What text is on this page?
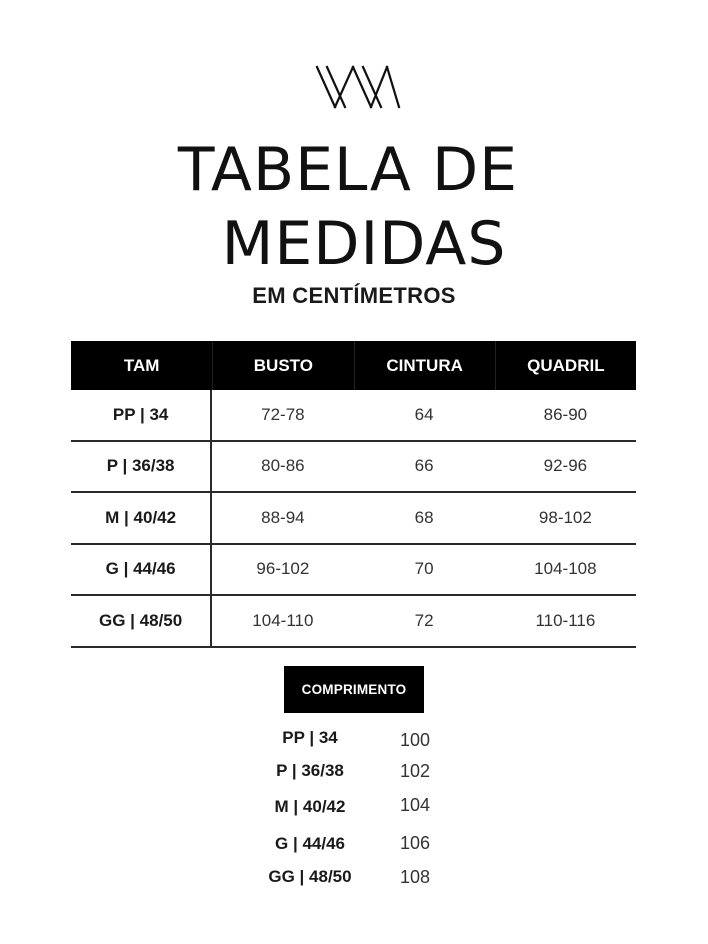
TABELA DE
MEDIDAS
EM CENTÍMETROS
TAM	BUSTO	CINTURA	QUADRIL
PP | 34	72-78	64	86-90
P | 36/38	80-86	66	92-96
M | 40/42	88-94	68	98-102
G | 44/46	96-102	70	104-108
GG | 48/50	104-110	72	110-116
COMPRIMENTO
PP | 34	100
P | 36/38	102
M | 40/42	104
G | 44/46	106
GG | 48/50	108
